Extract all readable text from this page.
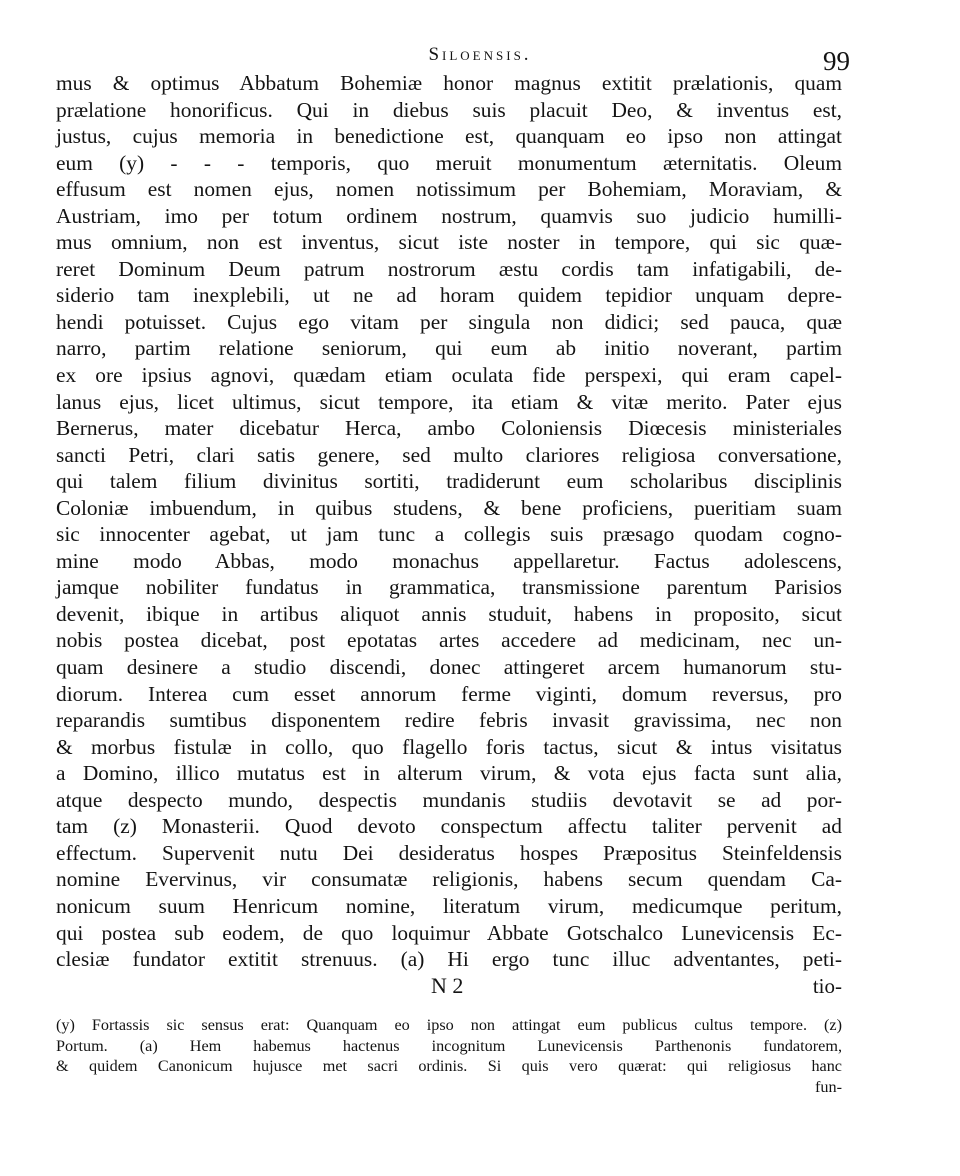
Siloensis.	99
mus & optimus Abbatum Bohemiæ honor magnus extitit prælationis, quam
prælatione honorificus. Qui in diebus suis placuit Deo, & inventus est,
justus, cujus memoria in benedictione est, quanquam eo ipso non attingat
eum (y) - - - temporis, quo meruit monumentum æternitatis. Oleum
effusum est nomen ejus, nomen notissimum per Bohemiam, Moraviam, &
Austriam, imo per totum ordinem nostrum, quamvis suo judicio humilli-
mus omnium, non est inventus, sicut iste noster in tempore, qui sic quæ-
reret Dominum Deum patrum nostrorum æstu cordis tam infatigabili, de-
siderio tam inexplebili, ut ne ad horam quidem tepidior unquam depre-
hendi potuisset. Cujus ego vitam per singula non didici; sed pauca, quæ
narro, partim relatione seniorum, qui eum ab initio noverant, partim
ex ore ipsius agnovi, quædam etiam oculata fide perspexi, qui eram capel-
lanus ejus, licet ultimus, sicut tempore, ita etiam & vitæ merito. Pater ejus
Bernerus, mater dicebatur Herca, ambo Coloniensis Diœcesis ministeriales
sancti Petri, clari satis genere, sed multo clariores religiosa conversatione,
qui talem filium divinitus sortiti, tradiderunt eum scholaribus disciplinis
Coloniæ imbuendum, in quibus studens, & bene proficiens, pueritiam suam
sic innocenter agebat, ut jam tunc a collegis suis præsago quodam cogno-
mine modo Abbas, modo monachus appellaretur. Factus adolescens,
jamque nobiliter fundatus in grammatica, transmissione parentum Parisios
devenit, ibique in artibus aliquot annis studuit, habens in proposito, sicut
nobis postea dicebat, post epotatas artes accedere ad medicinam, nec un-
quam desinere a studio discendi, donec attingeret arcem humanorum stu-
diorum. Interea cum esset annorum ferme viginti, domum reversus, pro
reparandis sumtibus disponentem redire febris invasit gravissima, nec non
& morbus fistulæ in collo, quo flagello foris tactus, sicut & intus visitatus
a Domino, illico mutatus est in alterum virum, & vota ejus facta sunt alia,
atque despecto mundo, despectis mundanis studiis devotavit se ad por-
tam (z) Monasterii. Quod devoto conspectum affectu taliter pervenit ad
effectum. Supervenit nutu Dei desideratus hospes Præpositus Steinfeldensis
nomine Evervinus, vir consumatæ religionis, habens secum quendam Ca-
nonicum suum Henricum nomine, literatum virum, medicumque peritum,
qui postea sub eodem, de quo loquimur Abbate Gotschalco Lunevicensis Ec-
clesiæ fundator extitit strenuus. (a) Hi ergo tunc illuc adventantes, peti-
N 2	tio-
(y) Fortassis sic sensus erat: Quanquam eo ipso non attingat eum publicus cultus tempore. (z)
Portum. (a) Hem habemus hactenus incognitum Lunevicensis Parthenonis fundatorem,
& quidem Canonicum hujusce met sacri ordinis. Si quis vero quærat: qui religiosus hanc
fun-
